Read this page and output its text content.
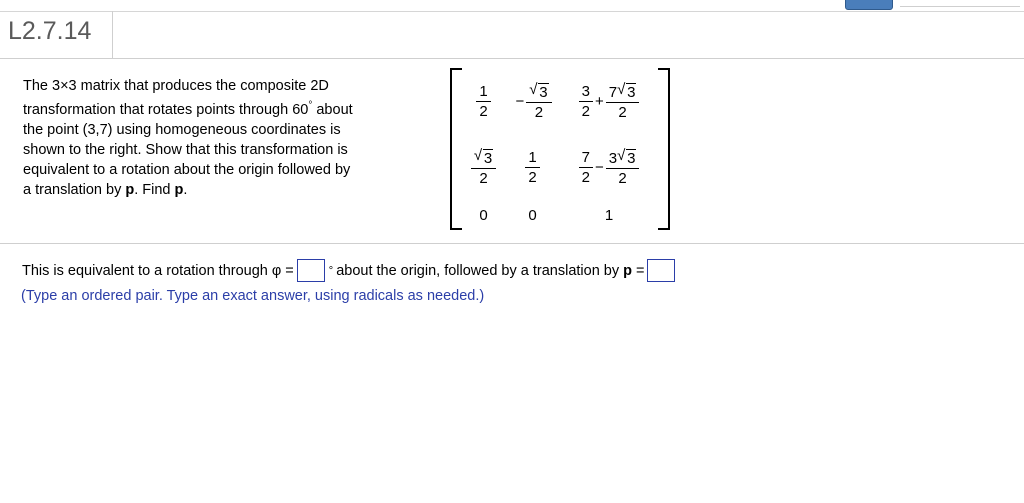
L2.7.14
The 3×3 matrix that produces the composite 2D
transformation that rotates points through 60° about
the point (3,7) using homogeneous coordinates is
shown to the right. Show that this transformation is
equivalent to a rotation about the origin followed by
a translation by p. Find p.
$\frac{1}{2}$	− √ $\frac{3}{2}$	$\frac{3}{2} + \frac{7 √ 3}{2}$

√ $\frac{3}{2}$	$\frac{1}{2}$	$\frac{7}{2} - \frac{3 √ 3}{2}$

0	0	1
This is equivalent to a rotation through φ =	° about the origin, followed by a translation by p =
(Type an ordered pair. Type an exact answer, using radicals as needed.)
